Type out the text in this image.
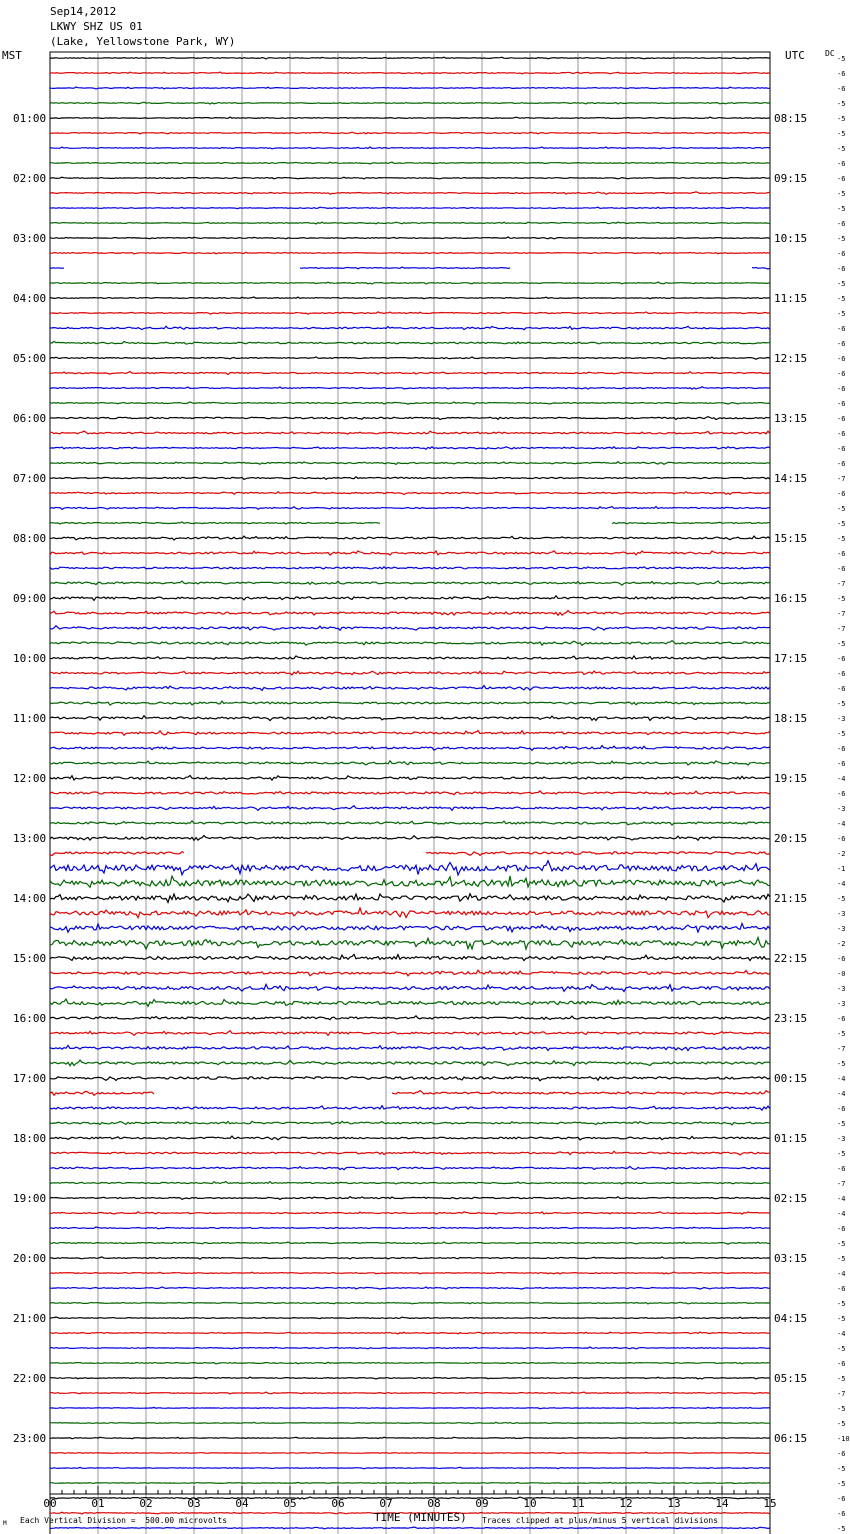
Sep14,2012
LKWY SHZ US 01
(Lake, Yellowstone Park, WY)
MST	UTC	DC
-5
-6
-6
-5
-5
-5
-5
-6
-6
-5
-5
-6
-5
-6
-6
-5
-5
-5
-6
-6
-6
-6
-6
-6
-6
-6
-6
-6
-7
-6
-5
-5
-5
-6
-6
-7
-5
-7
-7
-5
-6
-6
-6
-5
-3
-5
-6
-6
-4
-6
-3
-4
-6
-2
-1
-4
-5
-3
-3
-2
-6
-0
-3
-3
-6
-5
-7
-5
-4
-4
-6
-5
-3
-5
-6
-7
-4
-4
-6
-5
-5
-4
-6
-5
-5
-4
-5
-6
-5
-7
-5
-5
-10
-6
-5
-5
-6
-6
-5
01:00
02:00
03:00
04:00
05:00
06:00
07:00
08:00
09:00
10:00
11:00
12:00
13:00
14:00
15:00
16:00
17:00
18:00
19:00
20:00
21:00
22:00
23:00
08:15
09:15
10:15
11:15
12:15
13:15
14:15
15:15
16:15
17:15
18:15
19:15
20:15
21:15
22:15
23:15
00:15
01:15
02:15
03:15
04:15
05:15
06:15
00	01	02	03	04	05	06	07	08	09	10	11	12	13	14	15
M Each Vertical Division =  500.00 microvolts	TIME (MINUTES) Traces clipped at plus/minus 5 vertical divisions
